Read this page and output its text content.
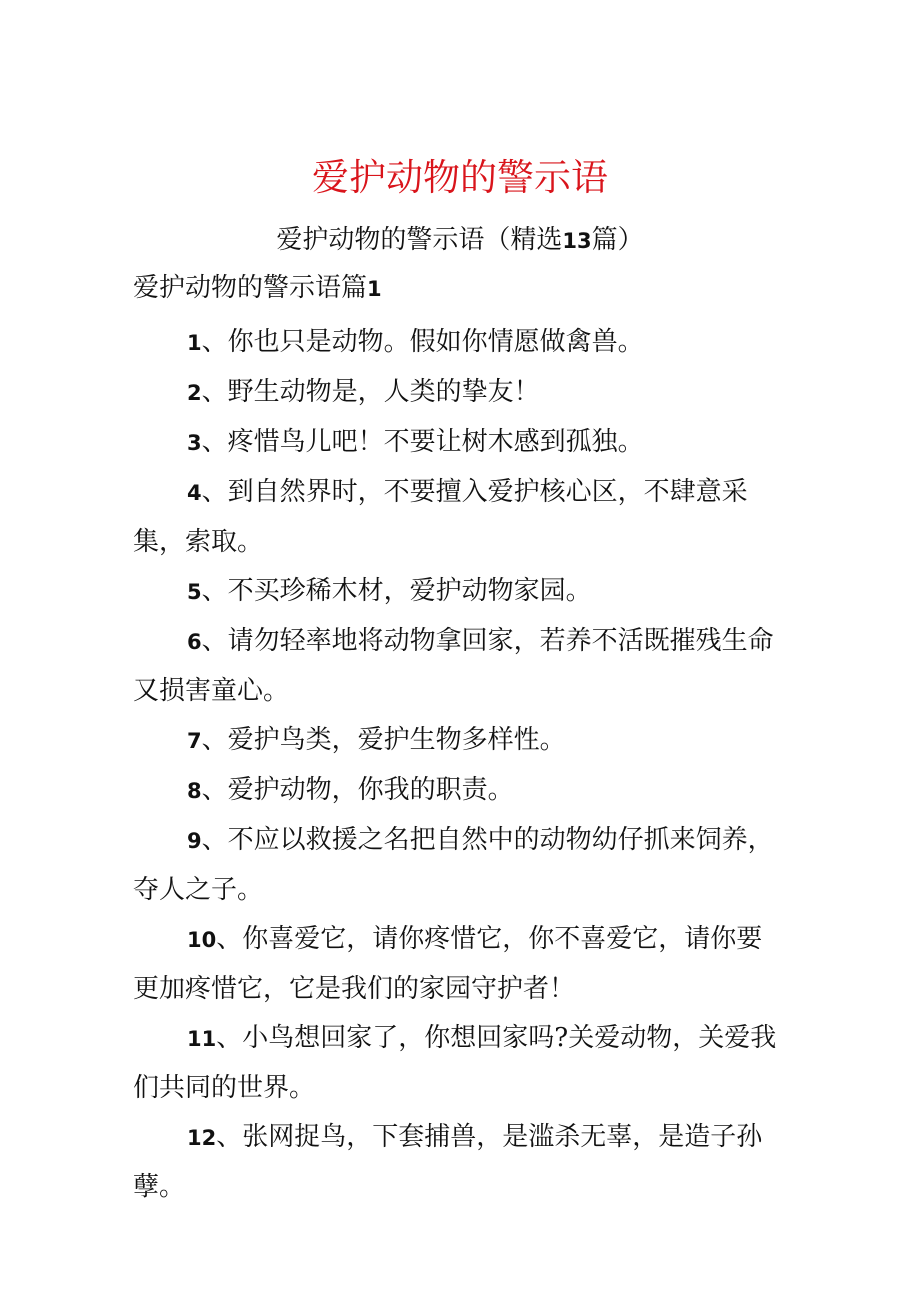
爱护动物的警示语

爱护动物的警示语（精选13篇）

爱护动物的警示语篇1
1、你也只是动物。假如你情愿做禽兽。
2、野生动物是，人类的挚友！
3、疼惜鸟儿吧！不要让树木感到孤独。
4、到自然界时，不要擅入爱护核心区，不肆意采集，索取。
5、不买珍稀木材，爱护动物家园。
6、请勿轻率地将动物拿回家，若养不活既摧残生命又损害童心。
7、爱护鸟类，爱护生物多样性。
8、爱护动物，你我的职责。
9、不应以救援之名把自然中的动物幼仔抓来饲养，夺人之子。
10、你喜爱它，请你疼惜它，你不喜爱它，请你要更加疼惜它，它是我们的家园守护者！
11、小鸟想回家了，你想回家吗?关爱动物，关爱我们共同的世界。
12、张网捉鸟，下套捕兽，是滥杀无辜，是造子孙孽。
